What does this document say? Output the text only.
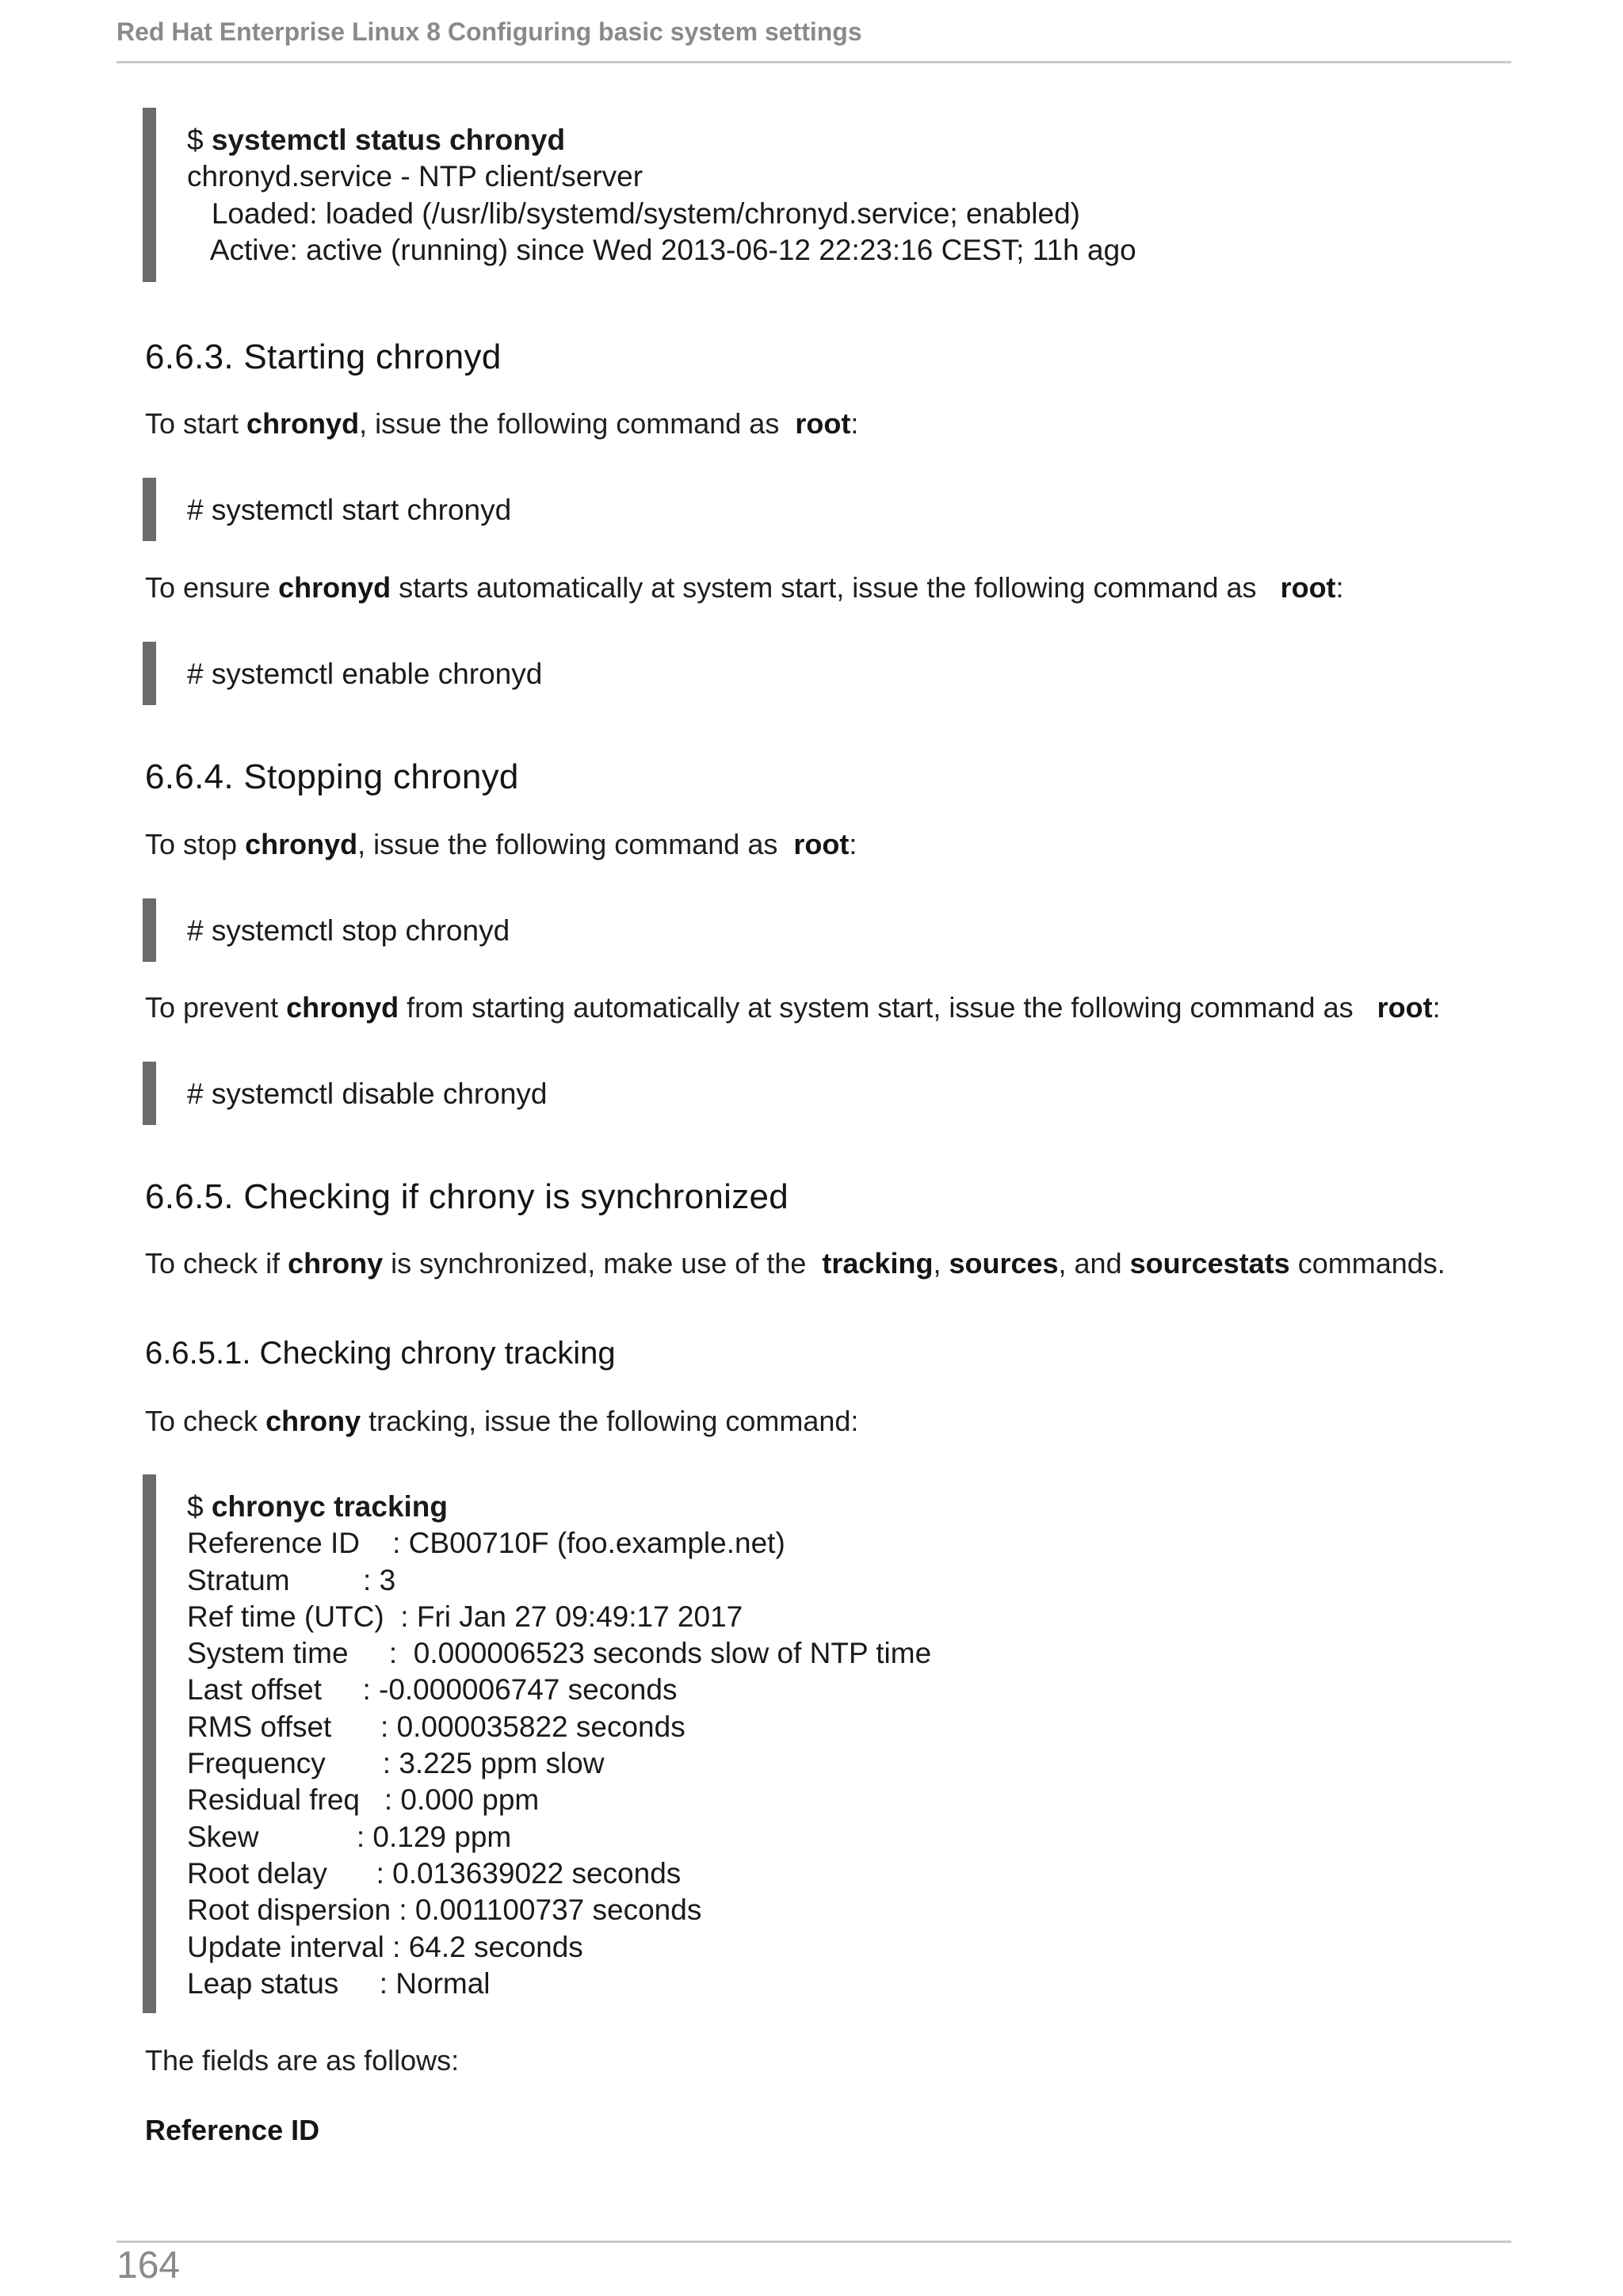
Red Hat Enterprise Linux 8 Configuring basic system settings
$ systemctl status chronyd
chronyd.service - NTP client/server
Loaded: loaded (/usr/lib/systemd/system/chronyd.service; enabled)
Active: active (running) since Wed 2013-06-12 22:23:16 CEST; 11h ago
6.6.3. Starting chronyd

To start chronyd, issue the following command as  root:

# systemctl start chronyd

To ensure chronyd starts automatically at system start, issue the following command as   root:

# systemctl enable chronyd
6.6.4. Stopping chronyd

To stop chronyd, issue the following command as  root:

# systemctl stop chronyd

To prevent chronyd from starting automatically at system start, issue the following command as   root:

# systemctl disable chronyd
6.6.5. Checking if chrony is synchronized

To check if chrony is synchronized, make use of the  tracking, sources, and sourcestats commands.

6.6.5.1. Checking chrony tracking

To check chrony tracking, issue the following command:

$ chronyc tracking
Reference ID    : CB00710F (foo.example.net)
Stratum         : 3
Ref time (UTC)  : Fri Jan 27 09:49:17 2017
System time     :  0.000006523 seconds slow of NTP time
Last offset     : -0.000006747 seconds
RMS offset      : 0.000035822 seconds
Frequency       : 3.225 ppm slow
Residual freq   : 0.000 ppm
Skew            : 0.129 ppm
Root delay      : 0.013639022 seconds
Root dispersion : 0.001100737 seconds
Update interval : 64.2 seconds
Leap status     : Normal

The fields are as follows:

Reference ID

164
